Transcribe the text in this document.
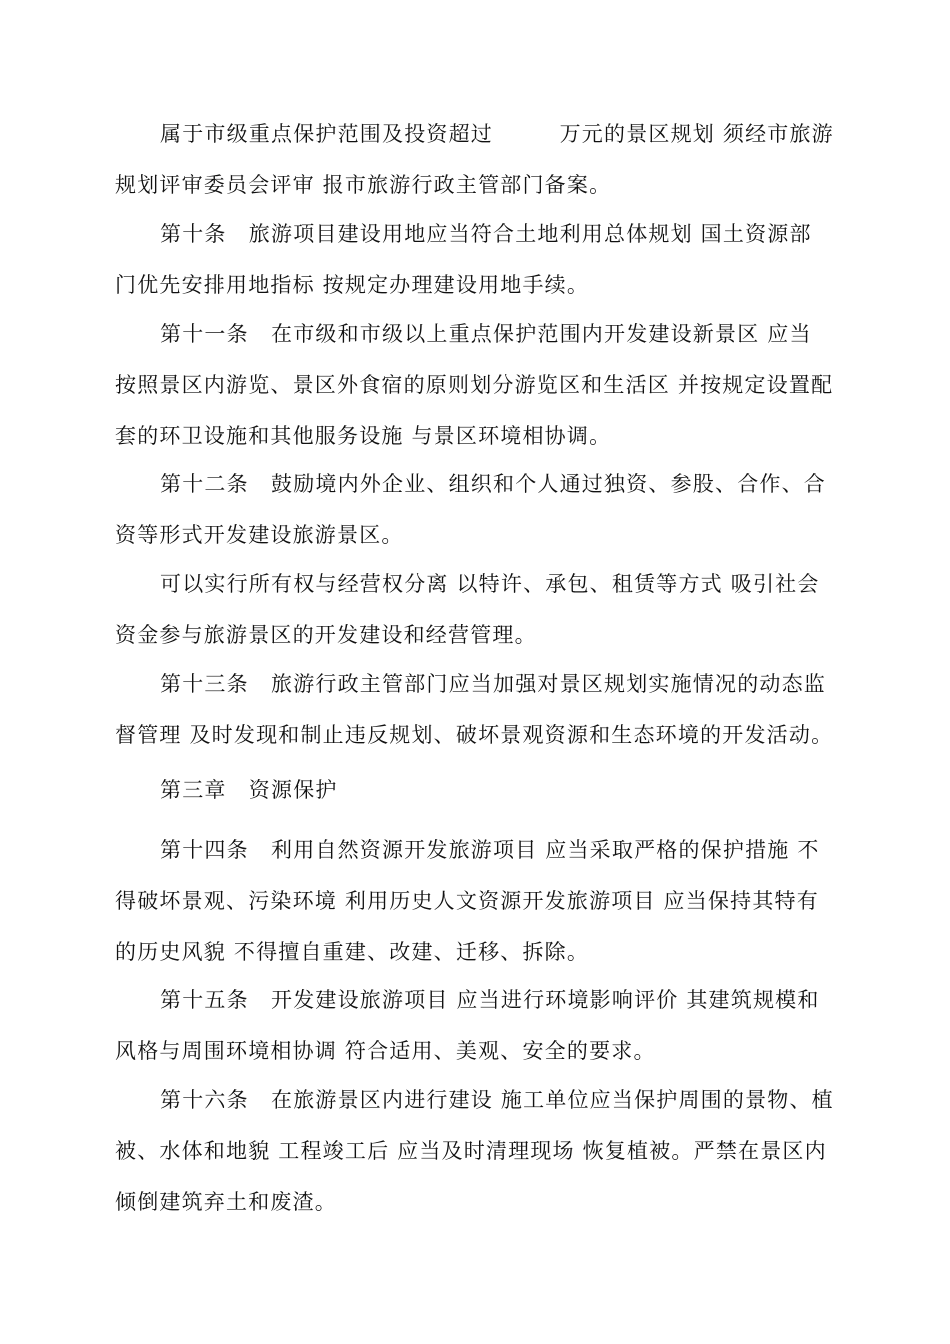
属于市级重点保护范围及投资超过　　　万元的景区规划 须经市旅游
规划评审委员会评审 报市旅游行政主管部门备案。
第十条　旅游项目建设用地应当符合土地利用总体规划 国土资源部
门优先安排用地指标 按规定办理建设用地手续。
第十一条　在市级和市级以上重点保护范围内开发建设新景区 应当
按照景区内游览、景区外食宿的原则划分游览区和生活区 并按规定设置配
套的环卫设施和其他服务设施 与景区环境相协调。
第十二条　鼓励境内外企业、组织和个人通过独资、参股、合作、合
资等形式开发建设旅游景区。
可以实行所有权与经营权分离 以特许、承包、租赁等方式 吸引社会
资金参与旅游景区的开发建设和经营管理。
第十三条　旅游行政主管部门应当加强对景区规划实施情况的动态监
督管理 及时发现和制止违反规划、破坏景观资源和生态环境的开发活动。
第三章　资源保护
第十四条　利用自然资源开发旅游项目 应当采取严格的保护措施 不
得破坏景观、污染环境 利用历史人文资源开发旅游项目 应当保持其特有
的历史风貌 不得擅自重建、改建、迁移、拆除。
第十五条　开发建设旅游项目 应当进行环境影响评价 其建筑规模和
风格与周围环境相协调 符合适用、美观、安全的要求。
第十六条　在旅游景区内进行建设 施工单位应当保护周围的景物、植
被、水体和地貌 工程竣工后 应当及时清理现场 恢复植被。严禁在景区内
倾倒建筑弃土和废渣。
